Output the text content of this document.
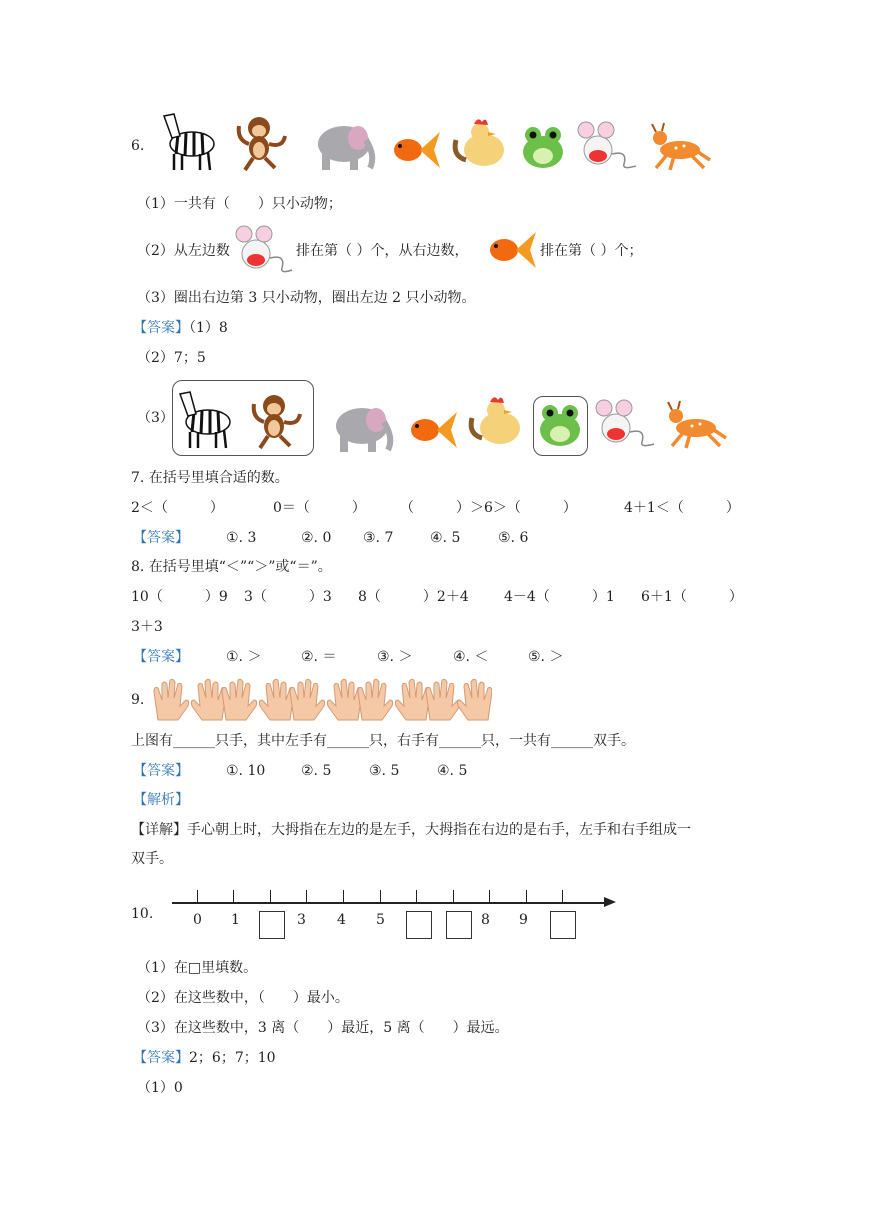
6.
（1）一共有（　　）只小动物；
（2）从左边数	排在第（ ）个，从右边数，	排在第（ ）个；
（3）圈出右边第 3 只小动物，圈出左边 2 只小动物。
【答案】（1）8
（2）7；5
（3）
7. 在括号里填合适的数。
2＜（　　　）	0＝（　　　） （　　　）＞6＞（　　　）	4＋1＜（　　　）
【答案】	①. 3	②. 0 ③. 7	④. 5	⑤. 6
8. 在括号里填“＜”“＞”或“＝”。
10（　　　）9 3（　　　）3 8（　　　）2＋4	4－4（　　　）1 6＋1（　　　）
3＋3
【答案】	①. ＞	②. ＝	③. ＞	④. ＜	⑤. ＞
9.
上图有______只手，其中左手有______只，右手有______只，一共有______双手。
【答案】	①. 10	②. 5	③. 5	④. 5
【解析】
【详解】手心朝上时，大拇指在左边的是左手，大拇指在右边的是右手，左手和右手组成一
双手。
10.	0 1	3 4 5	8 9
（1）在□里填数。
（2）在这些数中，（　　）最小。
（3）在这些数中，3 离（　　）最近，5 离（　　）最远。
【答案】2；6；7；10
（1）0
